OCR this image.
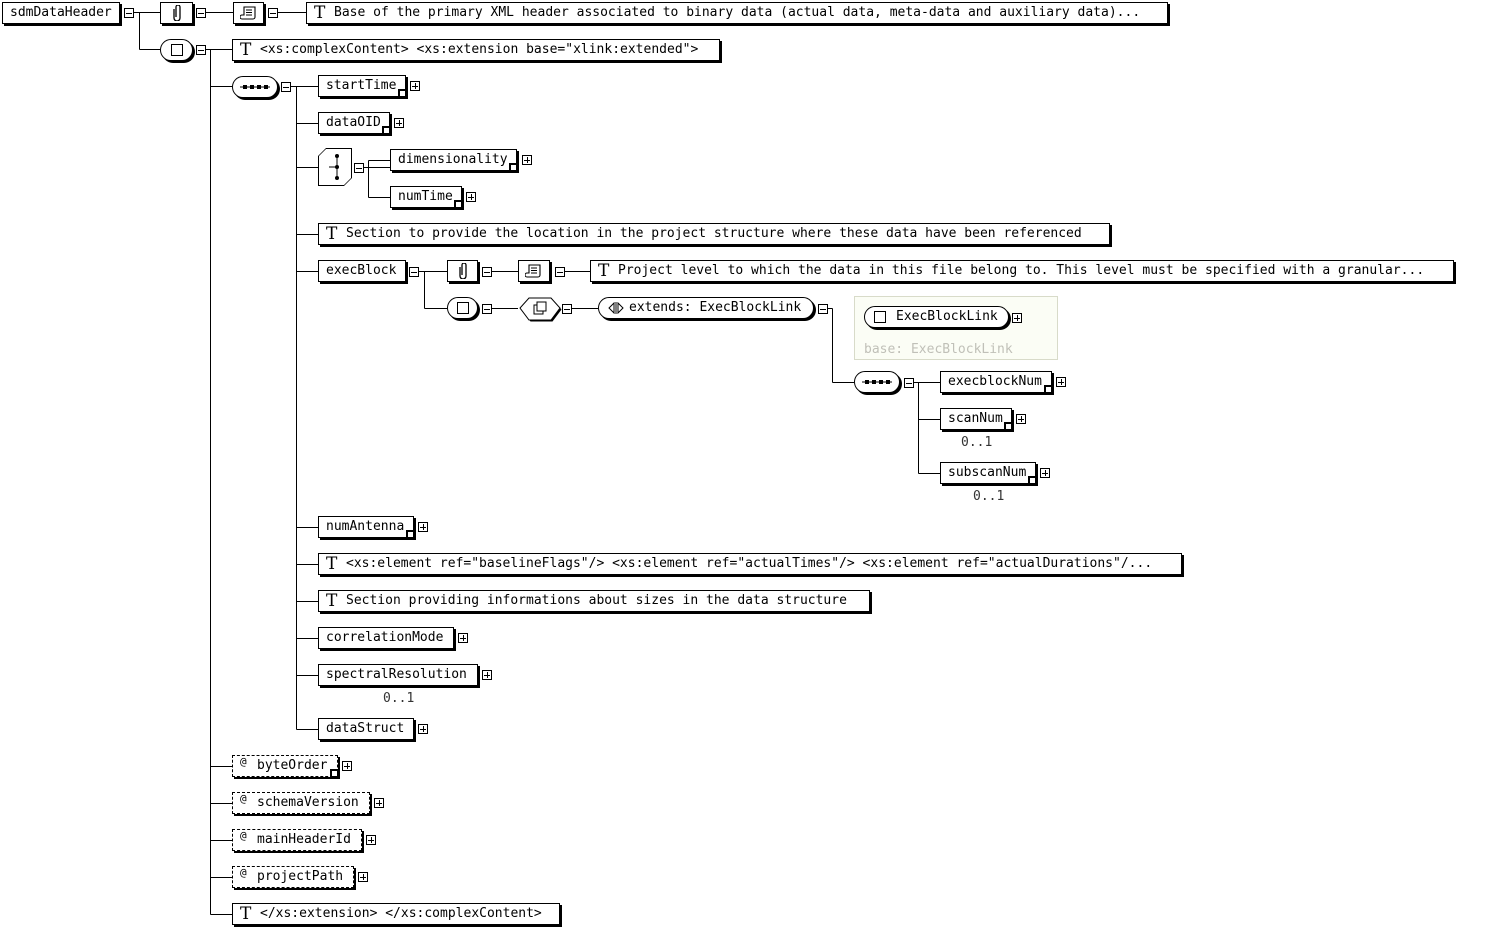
sdmDataHeader	T Base of the primary XML header associated to binary data (actual data, meta-data and auxiliary data)...
T <xs:complexContent> <xs:extension base="xlink:extended">
startTime
dataOID
dimensionality
numTime
T Section to provide the location in the project structure where these data have been referenced
execBlock	T Project level to which the data in this file belong to. This level must be specified with a granular...
extends: ExecBlockLink
base: ExecBlockLink
ExecBlockLink
execblockNum
scanNum
0..1
subscanNum
0..1
numAntenna
T <xs:element ref="baselineFlags"/> <xs:element ref="actualTimes"/> <xs:element ref="actualDurations"/...
T Section providing informations about sizes in the data structure
correlationMode
spectralResolution
0..1
dataStruct
@ byteOrder
@ schemaVersion
@ mainHeaderId
@ projectPath
T </xs:extension> </xs:complexContent>
